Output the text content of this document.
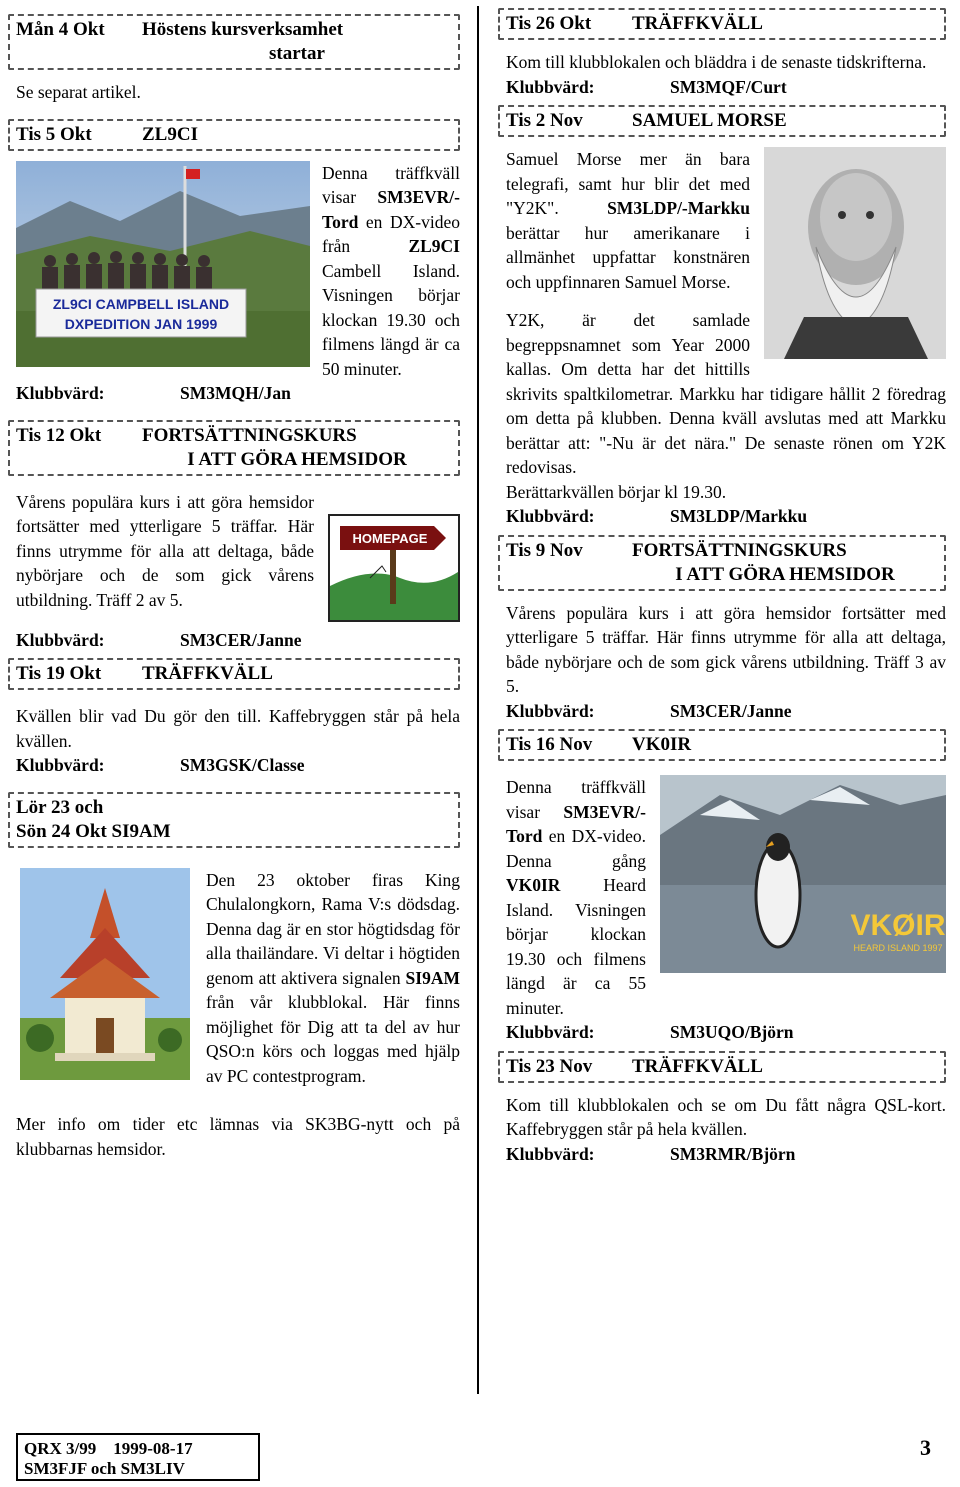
Mån 4 Okt	Höstens kursverksamhet
startar

Se separat artikel.

Tis 5 Okt	ZL9CI
ZL9CI CAMPBELL ISLAND
DXPEDITION JAN 1999

Denna träffkväll visar SM3EVR/-Tord en DX-video från ZL9CI Cambell Island. Visningen börjar klockan 19.30 och filmens längd är ca 50 minuter.

Klubbvärd:	SM3MQH/Jan
Tis 12 Okt	FORTSÄTTNINGSKURS
I ATT GÖRA HEMSIDOR
HOMEPAGE

Vårens populära kurs i att göra hemsidor fortsätter med ytterligare 5 träffar. Här finns utrymme för alla att deltaga, både nybörjare och de som gick vårens utbildning. Träff 2 av 5.

Klubbvärd:	SM3CER/Janne
Tis 19 Okt	TRÄFFKVÄLL

Kvällen blir vad Du gör den till. Kaffebryggen står på hela kvällen.

Klubbvärd:	SM3GSK/Classe
Lör 23 och
Sön 24 Okt SI9AM

Den 23 oktober firas King Chulalongkorn, Rama V:s dödsdag. Denna dag är en stor högtidsdag för alla thailändare. Vi deltar i högtiden genom att aktivera signalen SI9AM från vår klubblokal. Här finns möjlighet för Dig att ta del av hur QSO:n körs och loggas med hjälp av PC contestprogram.

Mer info om tider etc lämnas via SK3BG-nytt och på klubbarnas hemsidor.

Tis 26 Okt	TRÄFFKVÄLL

Kom till klubblokalen och bläddra i de senaste tidskrifterna.

Klubbvärd:	SM3MQF/Curt
Tis 2 Nov	SAMUEL MORSE

Samuel Morse mer än bara telegrafi, samt hur blir det med "Y2K". SM3LDP/-Markku berättar hur amerikanare i allmänhet uppfattar konstnären och uppfinnaren Samuel Morse.

Y2K, är det samlade begreppsnamnet som Year 2000 kallas. Om detta har det hittills skrivits spaltkilometrar. Markku har tidigare hållit 2 föredrag om detta på klubben. Denna kväll avslutas med att Markku berättar att: "-Nu är det nära." De senaste rönen om Y2K redovisas.

Berättarkvällen börjar kl 19.30.

Klubbvärd:	SM3LDP/Markku
Tis 9 Nov	FORTSÄTTNINGSKURS
I ATT GÖRA HEMSIDOR

Vårens populära kurs i att göra hemsidor fortsätter med ytterligare 5 träffar. Här finns utrymme för alla att deltaga, både nybörjare och de som gick vårens utbildning. Träff 3 av 5.

Klubbvärd:	SM3CER/Janne
Tis 16 Nov	VK0IR
VKØIR
HEARD ISLAND 1997

Denna träffkväll visar SM3EVR/-Tord en DX-video. Denna gång VK0IR Heard Island. Visningen börjar klockan 19.30 och filmens längd är ca 55 minuter.

Klubbvärd:	SM3UQO/Björn
Tis 23 Nov	TRÄFFKVÄLL

Kom till klubblokalen och se om Du fått några QSL-kort. Kaffebryggen står på hela kvällen.

Klubbvärd:	SM3RMR/Björn
QRX 3/99    1999-08-17
SM3FJF och SM3LIV
3
